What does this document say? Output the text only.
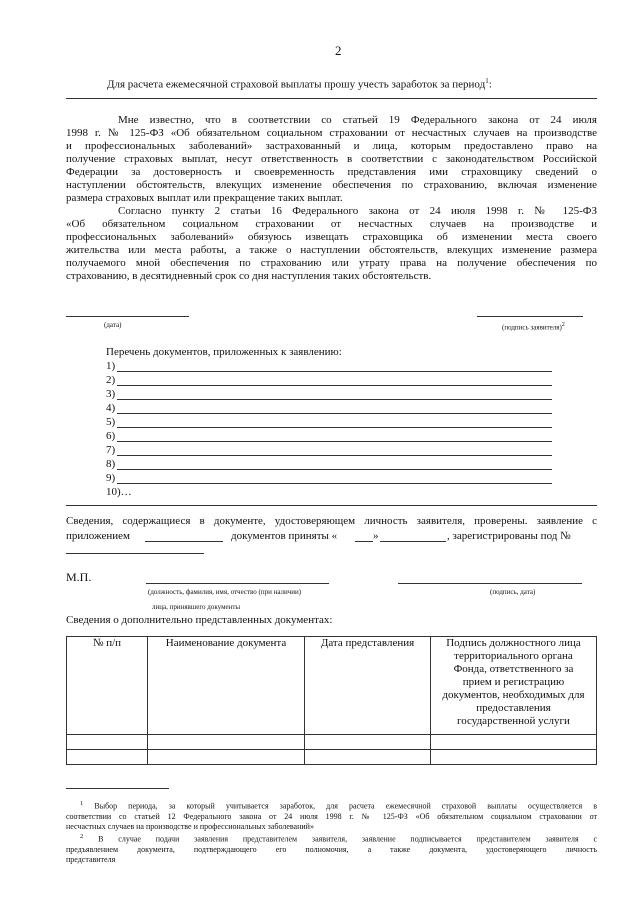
2
Для расчета ежемесячной страховой выплаты прошу учесть заработок за период$^1$:
Мне известно, что в соответствии со статьей 19 Федерального закона от 24 июля
1998 г. № 125-ФЗ «Об обязательном социальном страховании от несчастных случаев на производстве
и профессиональных заболеваний» застрахованный и лица, которым предоставлено право на
получение страховых выплат, несут ответственность в соответствии с законодательством Российской
Федерации за достоверность и своевременность представления ими страховщику сведений о
наступлении обстоятельств, влекущих изменение обеспечения по страхованию, включая изменение
размера страховых выплат или прекращение таких выплат.
Согласно пункту 2 статьи 16 Федерального закона от 24 июля 1998 г. № 125-ФЗ
«Об обязательном социальном страховании от несчастных случаев на производстве и
профессиональных заболеваний» обязуюсь извещать страховщика об изменении места своего
жительства или места работы, а также о наступлении обстоятельств, влекущих изменение размера
получаемого мной обеспечения по страхованию или утрату права на получение обеспечения по
страхованию, в десятидневный срок со дня наступления таких обстоятельств.
(дата)	(подпись заявителя)$^2$
Перечень документов, приложенных к заявлению:
1)
2)
3)
4)
5)
6)
7)
8)
9)
10)…
Сведения, содержащиеся в документе, удостоверяющем личность заявителя, проверены. заявление с
приложением	документов приняты «	»	, зарегистрированы под №
М.П.
(должность, фамилия, имя, отчество (при наличии)
лица, принявшего документы
(подпись, дата)
Сведения о дополнительно представленных документах:
№ п/п	Наименование документа	Дата представления	Подпись должностного лица территориального органа Фонда, ответственного за прием и регистрацию документов, необходимых для предоставления государственной услуги

$^1$ Выбор периода, за который учитывается заработок, для расчета ежемесячной страховой выплаты осуществляется в
соответствии со статьей 12 Федерального закона от 24 июля 1998 г. № 125-ФЗ «Об обязательном социальном страховании от
несчастных случаев на производстве и профессиональных заболеваний»
$^2$ В случае подачи заявления представителем заявителя, заявление подписывается представителем заявителя с
предъявлением документа, подтверждающего его полномочия, а также документа, удостоверяющего личность
представителя
